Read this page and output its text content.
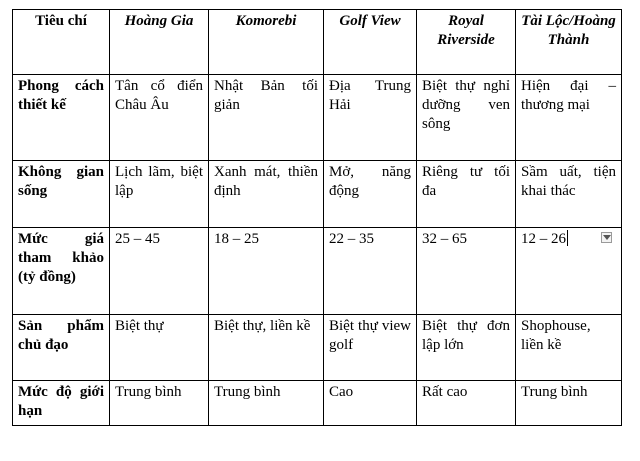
Tiêu chí	Hoàng Gia	Komorebi	Golf View	Royal Riverside	Tài Lộc/Hoàng Thành
Phong cách thiết kế	Tân cổ điển Châu Âu	Nhật Bản tối giản	Địa Trung Hải	Biệt thự nghỉ dưỡng ven sông	Hiện đại – thương mại
Không gian sống	Lịch lãm, biệt lập	Xanh mát, thiền định	Mở, năng động	Riêng tư tối đa	Sầm uất, tiện khai thác
Mức giá tham khảo (tỷ đồng)	25 – 45	18 – 25	22 – 35	32 – 65	12 – 26

Sản phẩm chủ đạo	Biệt thự	Biệt thự, liền kề	Biệt thự view golf	Biệt thự đơn lập lớn	Shophouse, liền kề
Mức độ giới hạn	Trung bình	Trung bình	Cao	Rất cao	Trung bình
